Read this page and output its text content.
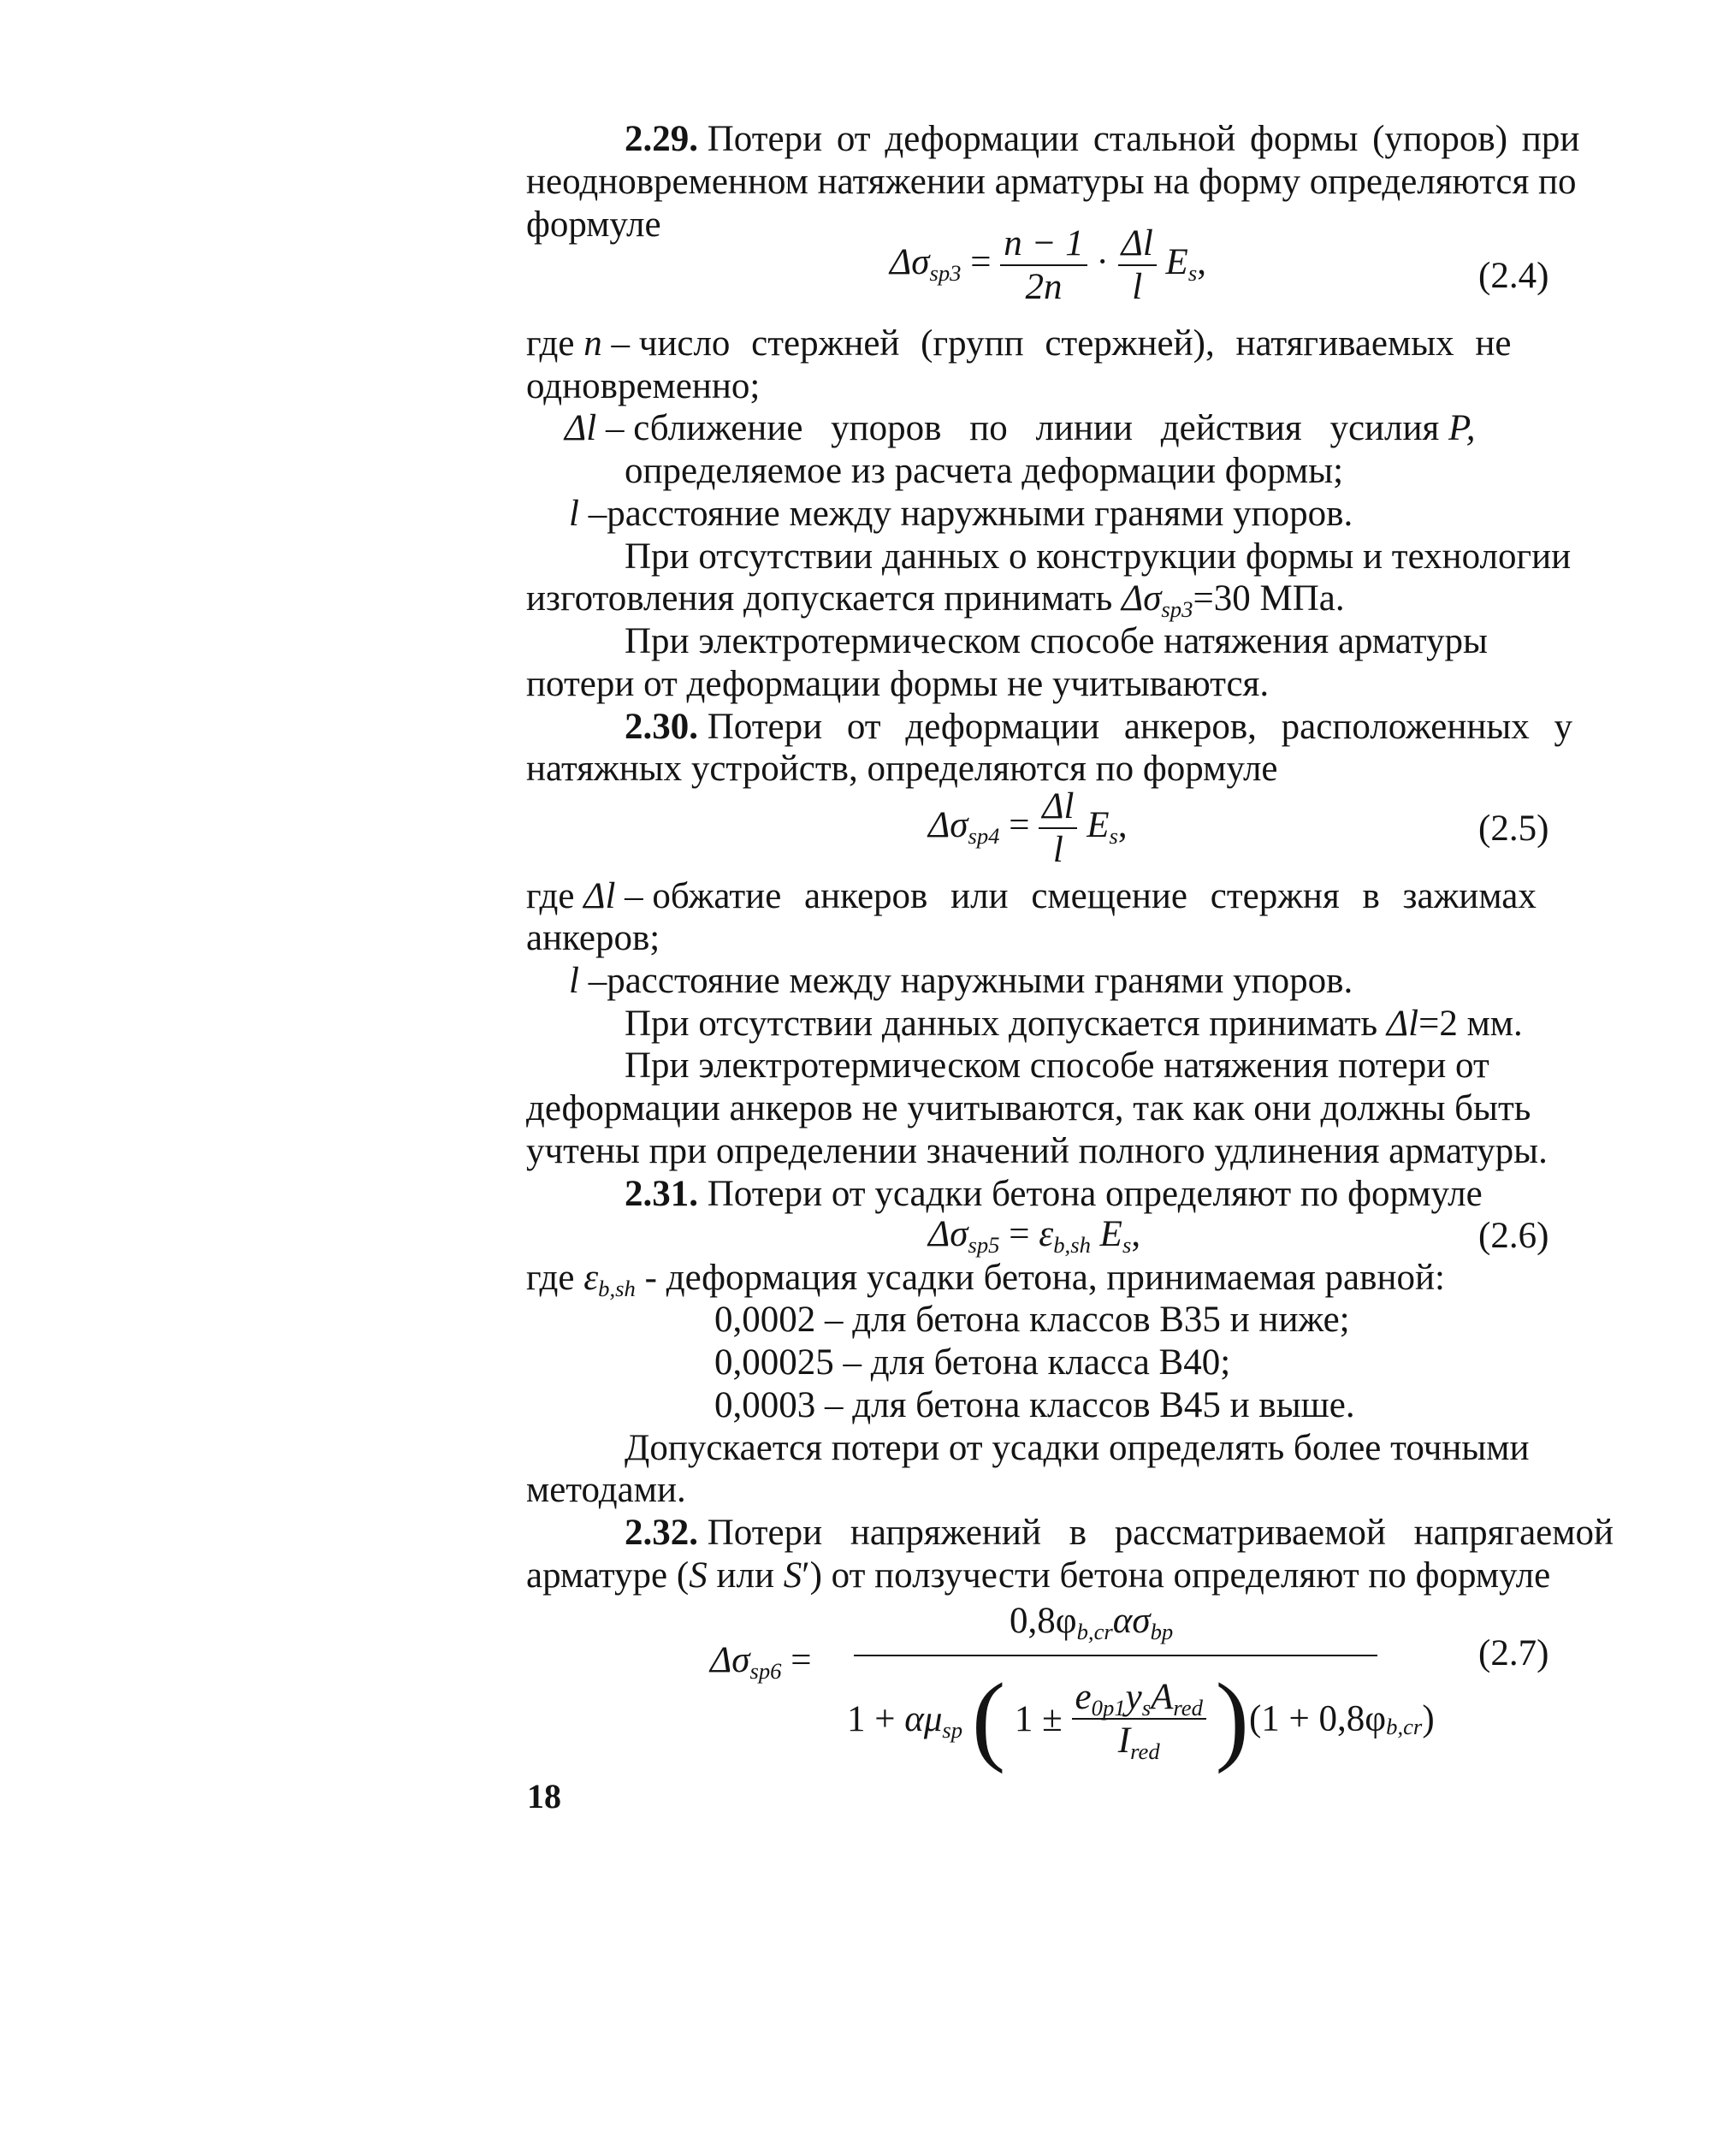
2.29. Потери от деформации стальной формы (упоров) при
неодновременном натяжении арматуры на форму определяются по
формуле
$\Delta\sigma_{sp3} = \frac{n - 1}{2n} \cdot \frac{\Delta l}{l} E_s$,	(2.4)
где n – число стержней (групп стержней), натягиваемых не
одновременно;
Δl – сближение упоров по линии действия усилия P,
определяемое из расчета деформации формы;
l –расстояние между наружными гранями упоров.
При отсутствии данных о конструкции формы и технологии
изготовления допускается принимать $\Delta\sigma_{sp3}=30$ МПа.
При электротермическом способе натяжения арматуры
потери от деформации формы не учитываются.
2.30. Потери от деформации анкеров, расположенных у
натяжных устройств, определяются по формуле
$\Delta\sigma_{sp4} = \frac{\Delta l}{l} E_s$,	(2.5)
где Δl – обжатие анкеров или смещение стержня в зажимах
анкеров;
l –расстояние между наружными гранями упоров.
При отсутствии данных допускается принимать Δl=2 мм.
При электротермическом способе натяжения потери от
деформации анкеров не учитываются, так как они должны быть
учтены при определении значений полного удлинения арматуры.
2.31. Потери от усадки бетона определяют по формуле
$\Delta\sigma_{sp5} = \varepsilon_{b,sh}$ $E_s$,	(2.6)
где $\varepsilon_{b,sh}$ - деформация усадки бетона, принимаемая равной:
0,0002 – для бетона классов В35 и ниже;
0,00025 – для бетона класса В40;
0,0003 – для бетона классов В45 и выше.
Допускается потери от усадки определять более точными
методами.
2.32. Потери напряжений в рассматриваемой напрягаемой
арматуре (S или S′) от ползучести бетона определяют по формуле
$\Delta\sigma_{sp6}$ =
$0,8\varphi_{b,cr}\alpha\sigma_{bp}$
$1 + \alpha\mu_{sp}$ ( $1 \pm \frac{e_{0p1}y_sA_{red}}{I_{red}} )(1 + 0,8\varphi_{b,cr})$
(2.7)
18
